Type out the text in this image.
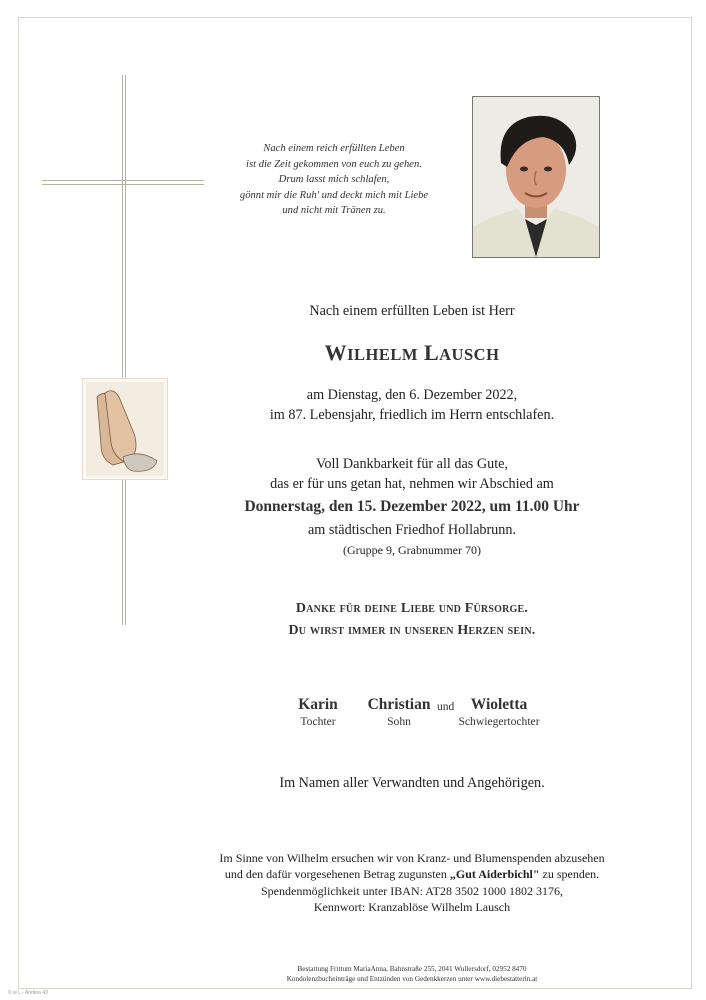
Nach einem reich erfüllten Leben
ist die Zeit gekommen von euch zu gehen.
Drum lasst mich schlafen,
gönnt mir die Ruh' und deckt mich mit Liebe
und nicht mit Tränen zu.
Nach einem erfüllten Leben ist Herr
WILHELM LAUSCH
am Dienstag, den 6. Dezember 2022,
im 87. Lebensjahr, friedlich im Herrn entschlafen.
Voll Dankbarkeit für all das Gute,
das er für uns getan hat, nehmen wir Abschied am
Donnerstag, den 15. Dezember 2022, um 11.00 Uhr
am städtischen Friedhof Hollabrunn.
(Gruppe 9, Grabnummer 70)
Danke für deine Liebe und Fürsorge.
Du wirst immer in unseren Herzen sein.
Karin
Tochter
Christian
Sohn
und	Wioletta
Schwiegertochter
Im Namen aller Verwandten und Angehörigen.
Im Sinne von Wilhelm ersuchen wir von Kranz- und Blumenspenden abzusehen
und den dafür vorgesehenen Betrag zugunsten „Gut Aiderbichl" zu spenden.
Spendenmöglichkeit unter IBAN: AT28 3502 1000 1802 3176,
Kennwort: Kranzablöse Wilhelm Lausch
Bestattung Frittum MariaAnna, Bahnstraße 255, 2041 Wullersdorf, 02952 8470
Kondolenzbucheinträge und Entzünden von Gedenkkerzen unter www.diebestatterin.at
© w L - Andrea 43
